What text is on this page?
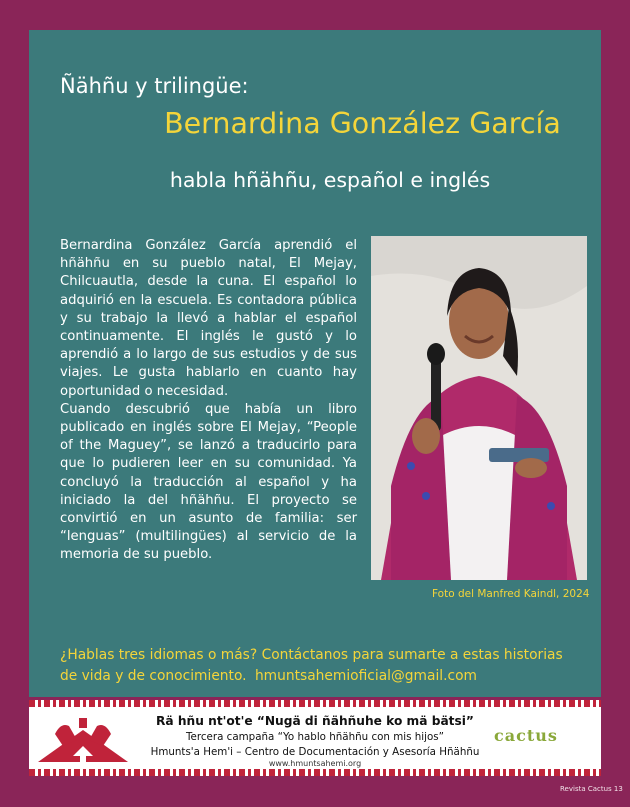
Ñähñu y trilingüe:
Bernardina González García
habla hñähñu, español e inglés

Bernardina González García aprendió el hñähñu en su pueblo natal, El Mejay, Chilcuautla, desde la cuna. El español lo adquirió en la escuela. Es contadora pública y su trabajo la llevó a hablar el español continuamente. El inglés le gustó y lo aprendió a lo largo de sus estudios y de sus viajes. Le gusta hablarlo en cuanto hay oportunidad o necesidad.

Cuando descubrió que había un libro publicado en inglés sobre El Mejay, “People of the Maguey”, se lanzó a traducirlo para que lo pudieren leer en su comunidad. Ya concluyó la traducción al español y ha iniciado la del hñähñu. El proyecto se convirtió en un asunto de familia: ser “lenguas” (multilingües) al servicio de la memoria de su pueblo.

Foto del Manfred Kaindl, 2024
¿Hablas tres idiomas o más? Contáctanos para sumarte a estas historias de vida y de conocimiento. hmuntsahemioficial@gmail.com
Rä hñu nt'ot'e “Nugä di ñähñuhe ko mä bätsi”
Tercera campaña “Yo hablo hñähñu con mis hijos”
Hmunts'a Hem'i – Centro de Documentación y Asesoría Hñähñu
www.hmuntsahemi.org
cactus
Revista Cactus 13
